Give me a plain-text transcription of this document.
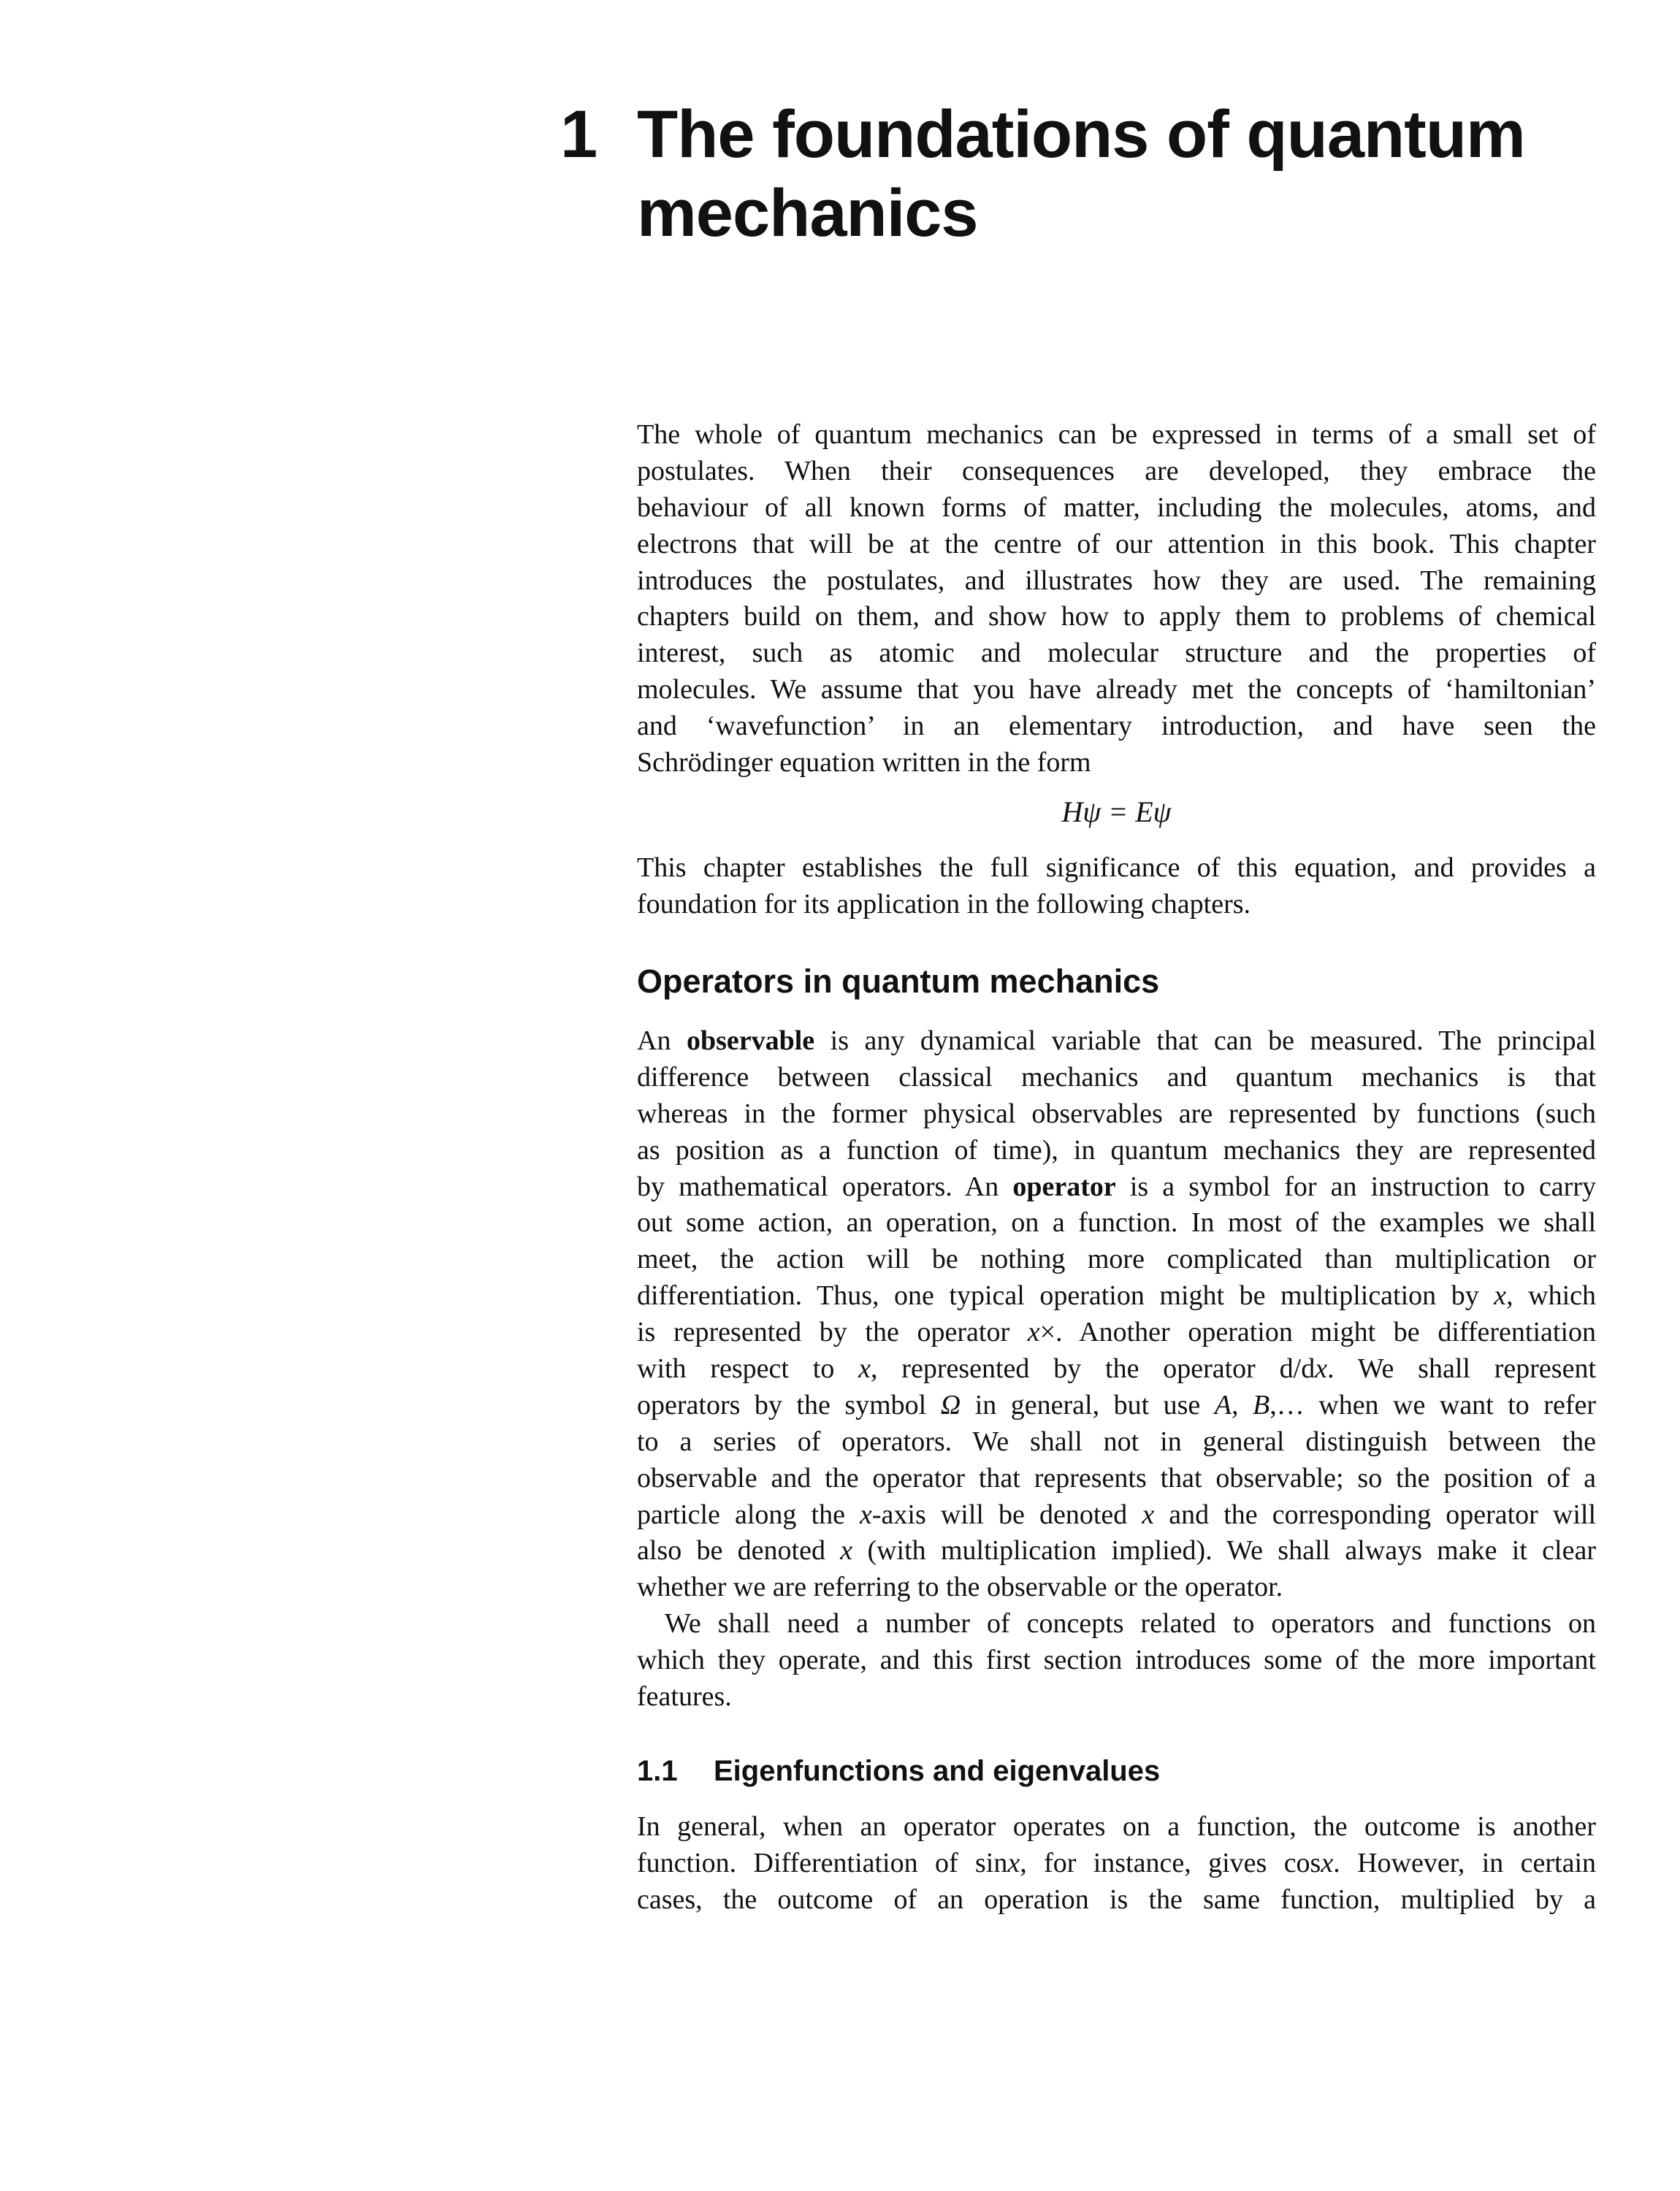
1 The foundations of quantum
mechanics
The whole of quantum mechanics can be expressed in terms of a small set of
postulates. When their consequences are developed, they embrace the
behaviour of all known forms of matter, including the molecules, atoms, and
electrons that will be at the centre of our attention in this book. This chapter
introduces the postulates, and illustrates how they are used. The remaining
chapters build on them, and show how to apply them to problems of chemical
interest, such as atomic and molecular structure and the properties of
molecules. We assume that you have already met the concepts of ‘hamiltonian’
and ‘wavefunction’ in an elementary introduction, and have seen the
Schrödinger equation written in the form
Hψ = Eψ
This chapter establishes the full significance of this equation, and provides a
foundation for its application in the following chapters.
Operators in quantum mechanics
An observable is any dynamical variable that can be measured. The principal
difference between classical mechanics and quantum mechanics is that
whereas in the former physical observables are represented by functions (such
as position as a function of time), in quantum mechanics they are represented
by mathematical operators. An operator is a symbol for an instruction to carry
out some action, an operation, on a function. In most of the examples we shall
meet, the action will be nothing more complicated than multiplication or
differentiation. Thus, one typical operation might be multiplication by x, which
is represented by the operator x×. Another operation might be differentiation
with respect to x, represented by the operator d/dx. We shall represent
operators by the symbol Ω in general, but use A, B,… when we want to refer
to a series of operators. We shall not in general distinguish between the
observable and the operator that represents that observable; so the position of a
particle along the x-axis will be denoted x and the corresponding operator will
also be denoted x (with multiplication implied). We shall always make it clear
whether we are referring to the observable or the operator.
We shall need a number of concepts related to operators and functions on
which they operate, and this first section introduces some of the more important
features.
1.1 Eigenfunctions and eigenvalues
In general, when an operator operates on a function, the outcome is another
function. Differentiation of sinx, for instance, gives cosx. However, in certain
cases, the outcome of an operation is the same function, multiplied by a
